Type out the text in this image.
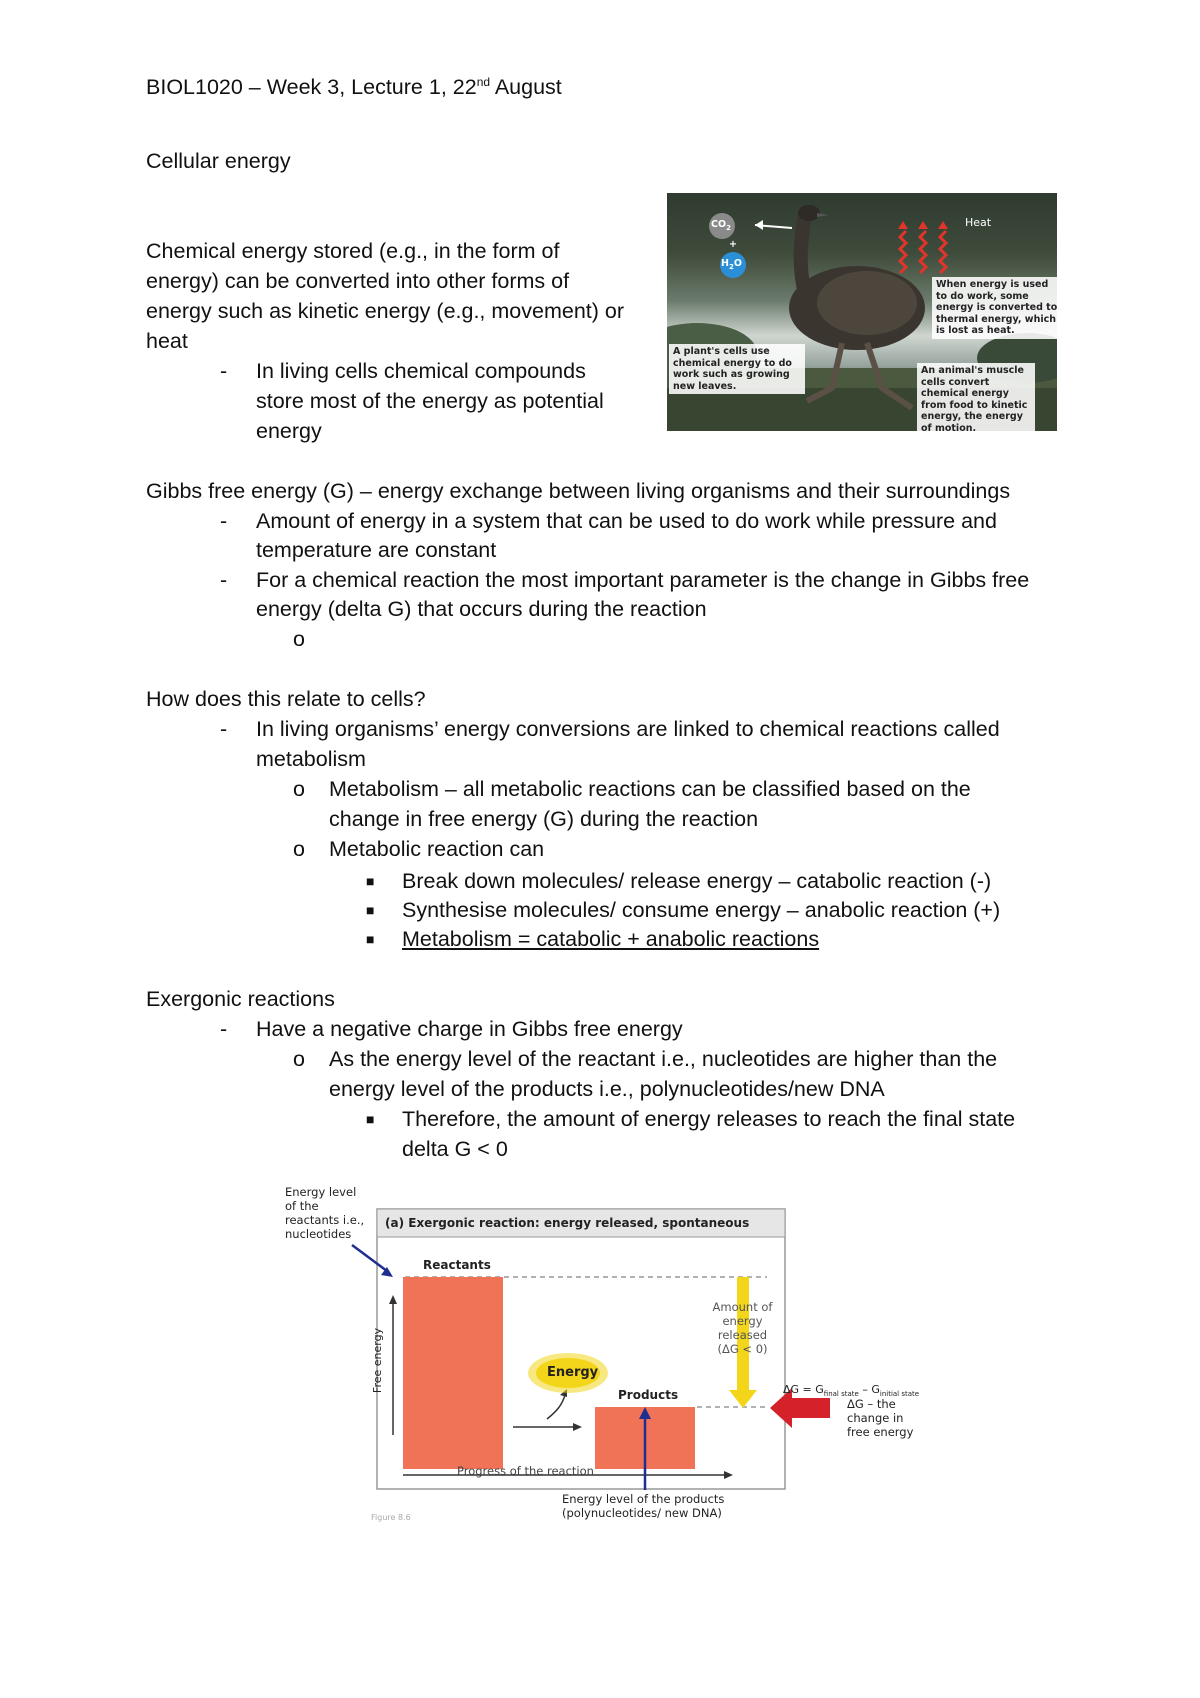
BIOL1020 – Week 3, Lecture 1, 22nd August
Cellular energy
Chemical energy stored (e.g., in the form of
energy) can be converted into other forms of
energy such as kinetic energy (e.g., movement) or
heat
- In living cells chemical compounds
store most of the energy as potential
energy
$CO_2$
+
$H_2O$
Heat
When energy is used
to do work, some
energy is converted to
thermal energy, which
is lost as heat.
A plant's cells use
chemical energy to do
work such as growing
new leaves.
An animal's muscle
cells convert
chemical energy
from food to kinetic
energy, the energy
of motion.
Gibbs free energy (G) – energy exchange between living organisms and their surroundings
- Amount of energy in a system that can be used to do work while pressure and
temperature are constant
- For a chemical reaction the most important parameter is the change in Gibbs free
energy (delta G) that occurs during the reaction
o
How does this relate to cells?
- In living organisms’ energy conversions are linked to chemical reactions called
metabolism
o Metabolism – all metabolic reactions can be classified based on the
change in free energy (G) during the reaction
o Metabolic reaction can
■ Break down molecules/ release energy – catabolic reaction (-)
■ Synthesise molecules/ consume energy – anabolic reaction (+)
■ Metabolism = catabolic + anabolic reactions
Exergonic reactions
- Have a negative charge in Gibbs free energy
o As the energy level of the reactant i.e., nucleotides are higher than the
energy level of the products i.e., polynucleotides/new DNA
■ Therefore, the amount of energy releases to reach the final state
delta G < 0
Energy level
of the
reactants i.e.,
nucleotides
(a) Exergonic reaction: energy released, spontaneous
Reactants
Free energy	Energy
Products
Amount of
energy
released
(ΔG < 0)
$\Delta G = G_{final state} - G_{initial state}$
ΔG – the
change in
free energy
Progress of the reaction
Energy level of the products
(polynucleotides/ new DNA)
Figure 8.6
